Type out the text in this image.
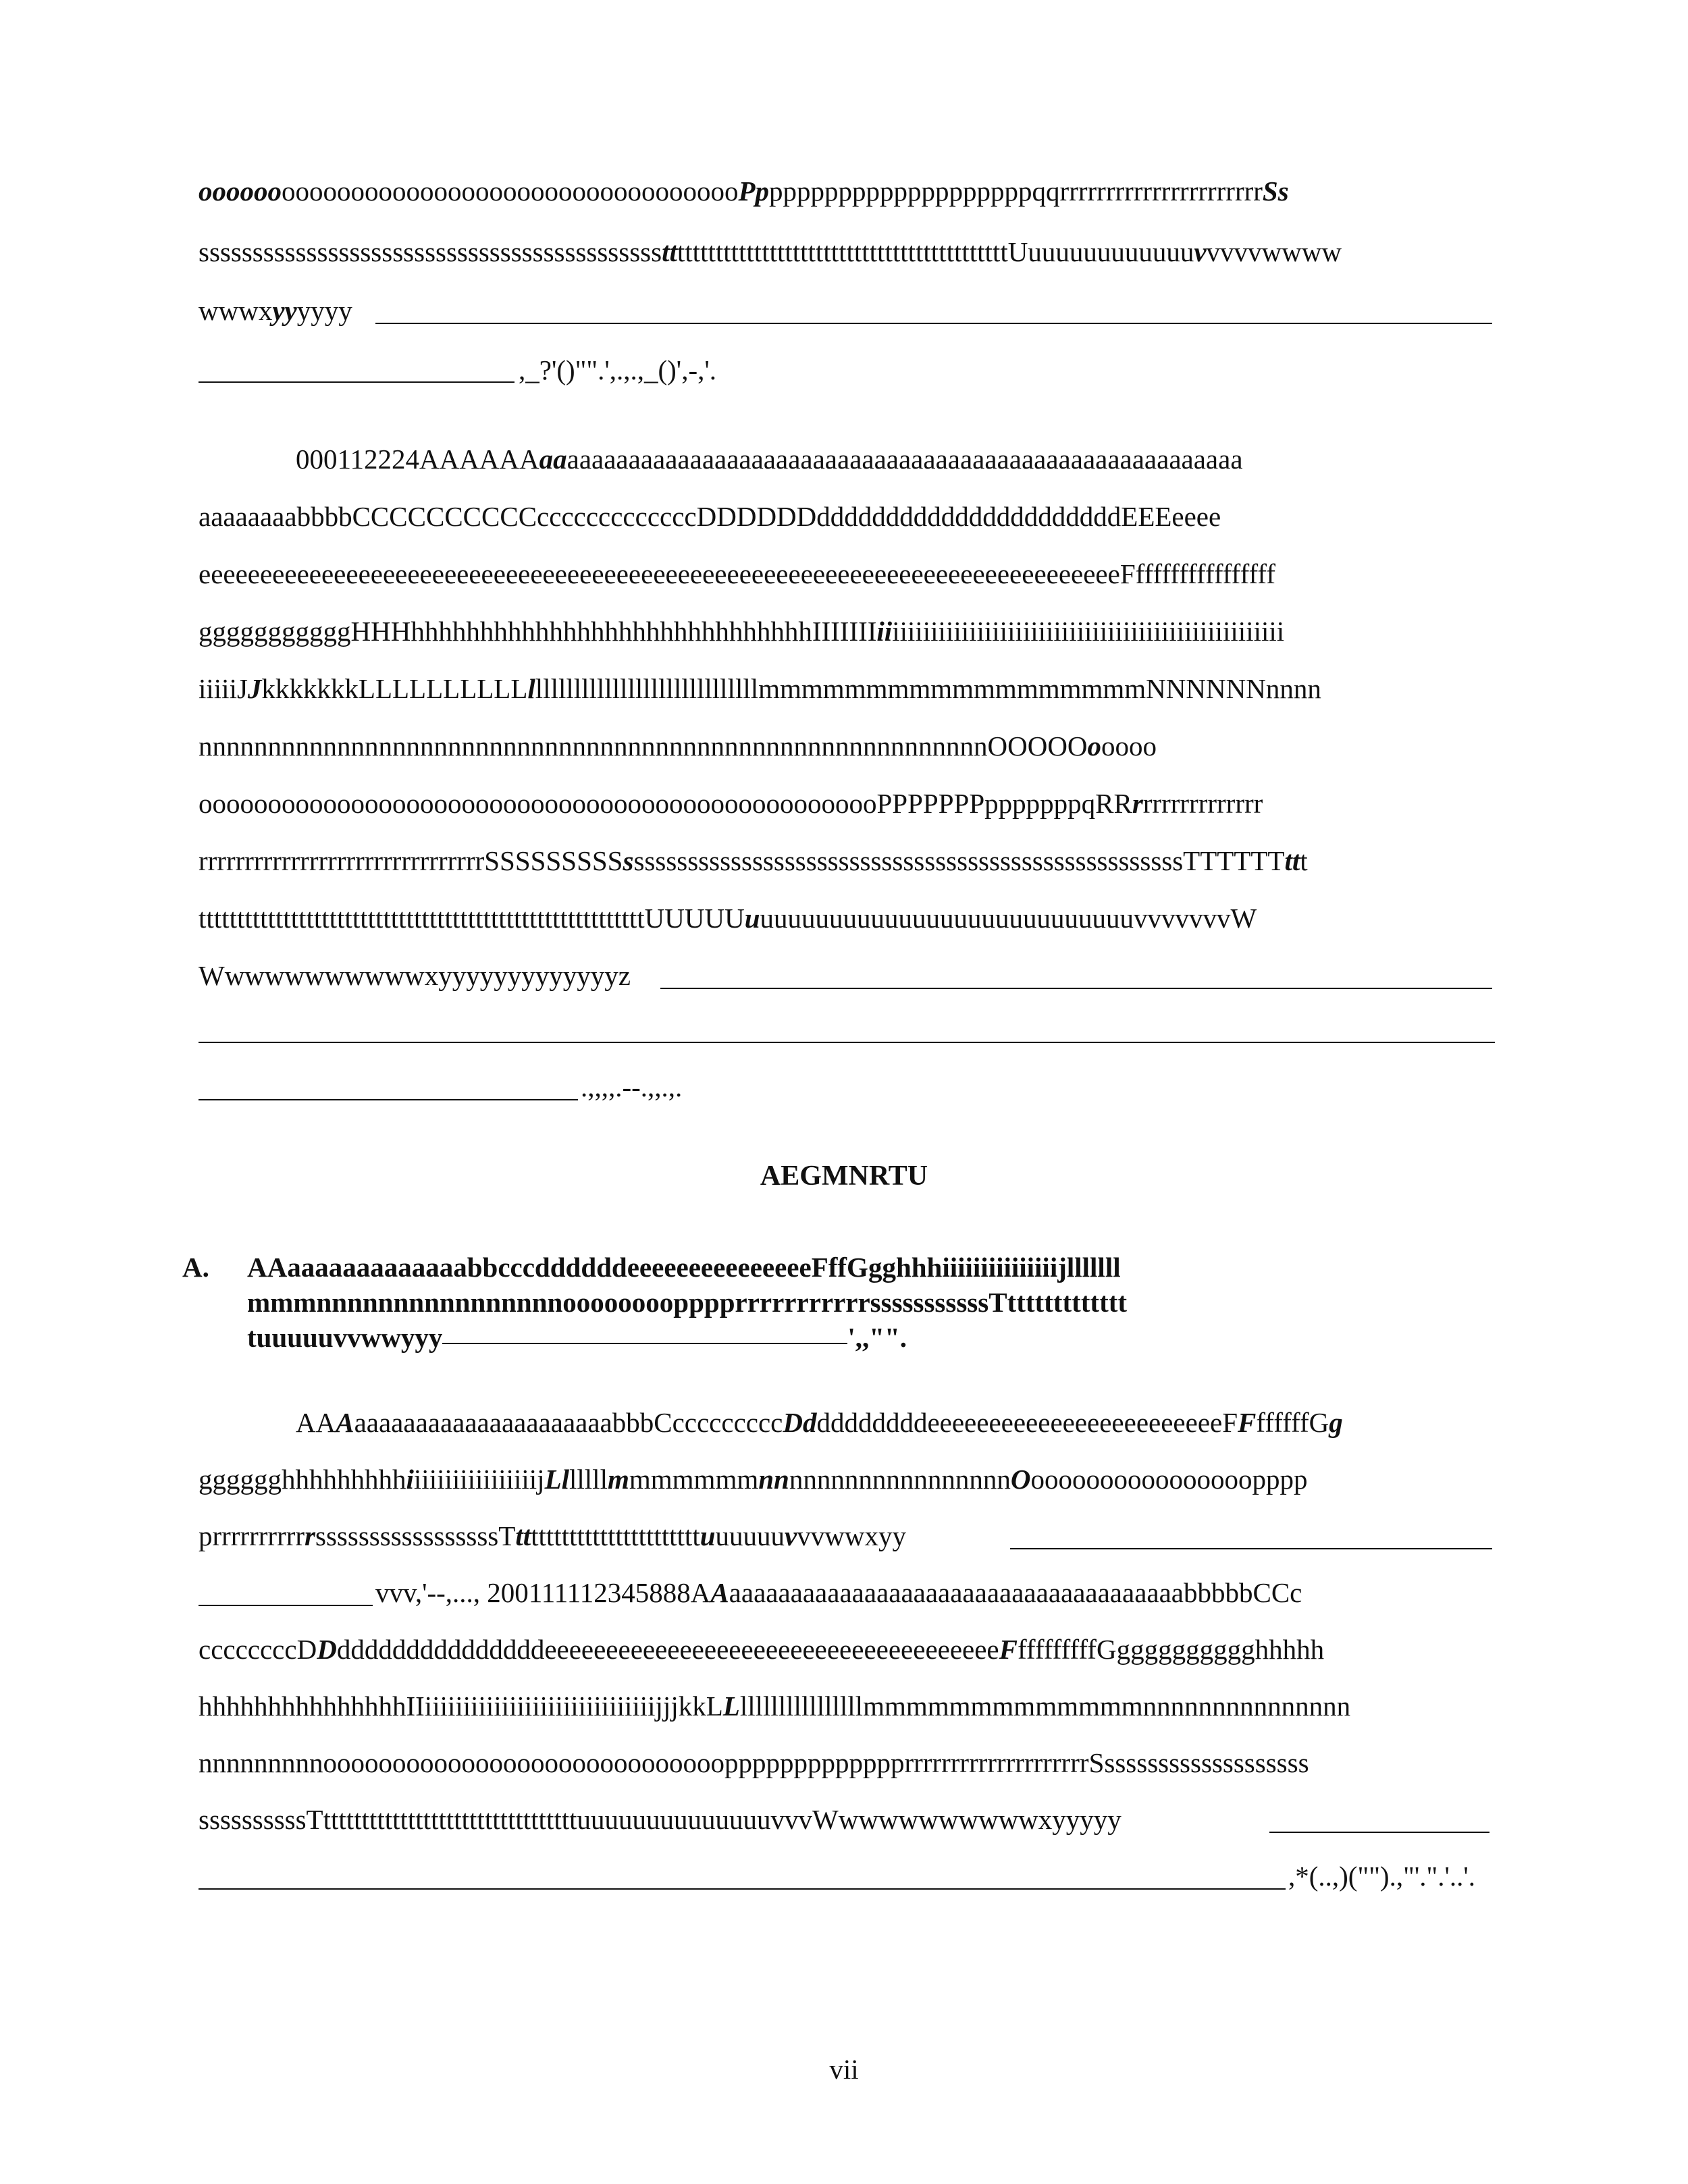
oooooooooooooooooooooooooooooooooooooooPppppppppppppppppppppqqrrrrrrrrrrrrrrrrrrrrrrSs
ssssssssssssssssssssssssssssssssssssssssssstttttttttttttttttttttttttttttttttttttttttttttUuuuuuuuuuuuuvvvvvwwww
wwwxyyyyyy
,_?'()"".',.,.,_()',-,'.
000112224AAAAAAaaaaaaaaaaaaaaaaaaaaaaaaaaaaaaaaaaaaaaaaaaaaaaaaaaaaaaaaa
aaaaaaaabbbbCCCCCCCCCCcccccccccccccDDDDDDddddddddddddddddddddddEEEeeee
eeeeeeeeeeeeeeeeeeeeeeeeeeeeeeeeeeeeeeeeeeeeeeeeeeeeeeeeeeeeeeeeeeeeeeeeeeeFffffffffffffffff
gggggggggggHHHhhhhhhhhhhhhhhhhhhhhhhhhhhhhhIIIIIIIiiiiiiiiiiiiiiiiiiiiiiiiiiiiiiiiiiiiiiiiiiiiiiiiiiiii
iiiiiJJkkkkkkkLLLLLLLLLLllllllllllllllllllllllllllllllmmmmmmmmmmmmmmmmmmNNNNNNnnnn
nnnnnnnnnnnnnnnnnnnnnnnnnnnnnnnnnnnnnnnnnnnnnnnnnnnnnnnnnOOOOOooooo
oooooooooooooooooooooooooooooooooooooooooooooooooPPPPPPPpppppppqRRrrrrrrrrrrrrrr
rrrrrrrrrrrrrrrrrrrrrrrrrrrrrrrSSSSSSSSSssssssssssssssssssssssssssssssssssssssssssssssssssssTTTTTTttt
ttttttttttttttttttttttttttttttttttttttttttttttttttttttttttUUUUUuuuuuuuuuuuuuuuuuuuuuuuuuuuuvvvvvvvW
Wwwwwwwwwwwxyyyyyyyyyyyyyz
.,,,,.--.,,.,.
AEGMNRTU
A. AAaaaaaaaaaaaaabbcccddddddeeeeeeeeeeeeeeeFffGgghhhiiiiiiiiiiiiiiijlllllll
mmmnnnnnnnnnnnnnnnnoooooooopppprrrrrrrrrrrsssssssssssTttttttttttttt
tuuuuuvvwwyyy	',,"".
AAAaaaaaaaaaaaaaaaaaaaaabbbCcccccccccDdddddddddeeeeeeeeeeeeeeeeeeeeeeeeFFffffffGg
gggggghhhhhhhhhiiiiiiiiiiiiiiiiijLllllllmmmmmmmnnnnnnnnnnnnnnnnnnOoooooooooooooooopppp
prrrrrrrrrrrsssssssssssssssssTttttttttttttttttttttttttuuuuuuvvvwwxyy
vvv,'--,..., 200111112345888AAaaaaaaaaaaaaaaaaaaaaaaaaaaaaaaaaaaaaabbbbbCCc
ccccccccDDdddddddddddddddeeeeeeeeeeeeeeeeeeeeeeeeeeeeeeeeeeeeeFfffffffffGgggggggggghhhhh
hhhhhhhhhhhhhhhIIiiiiiiiiiiiiiiiiiiiiiiiiiiiiiijjjkkLLllllllllllllllllmmmmmmmmmmmmmnnnnnnnnnnnnnnn
nnnnnnnnnoooooooooooooooooooooooooooooppppppppppppprrrrrrrrrrrrrrrrrrrrSsssssssssssssssssss
ssssssssssTtttttttttttttttttttttttttttttttttuuuuuuuuuuuuuuvvvWwwwwwwwwwwxyyyyy
,*(..,)("").,"'.".'..'.
vii
